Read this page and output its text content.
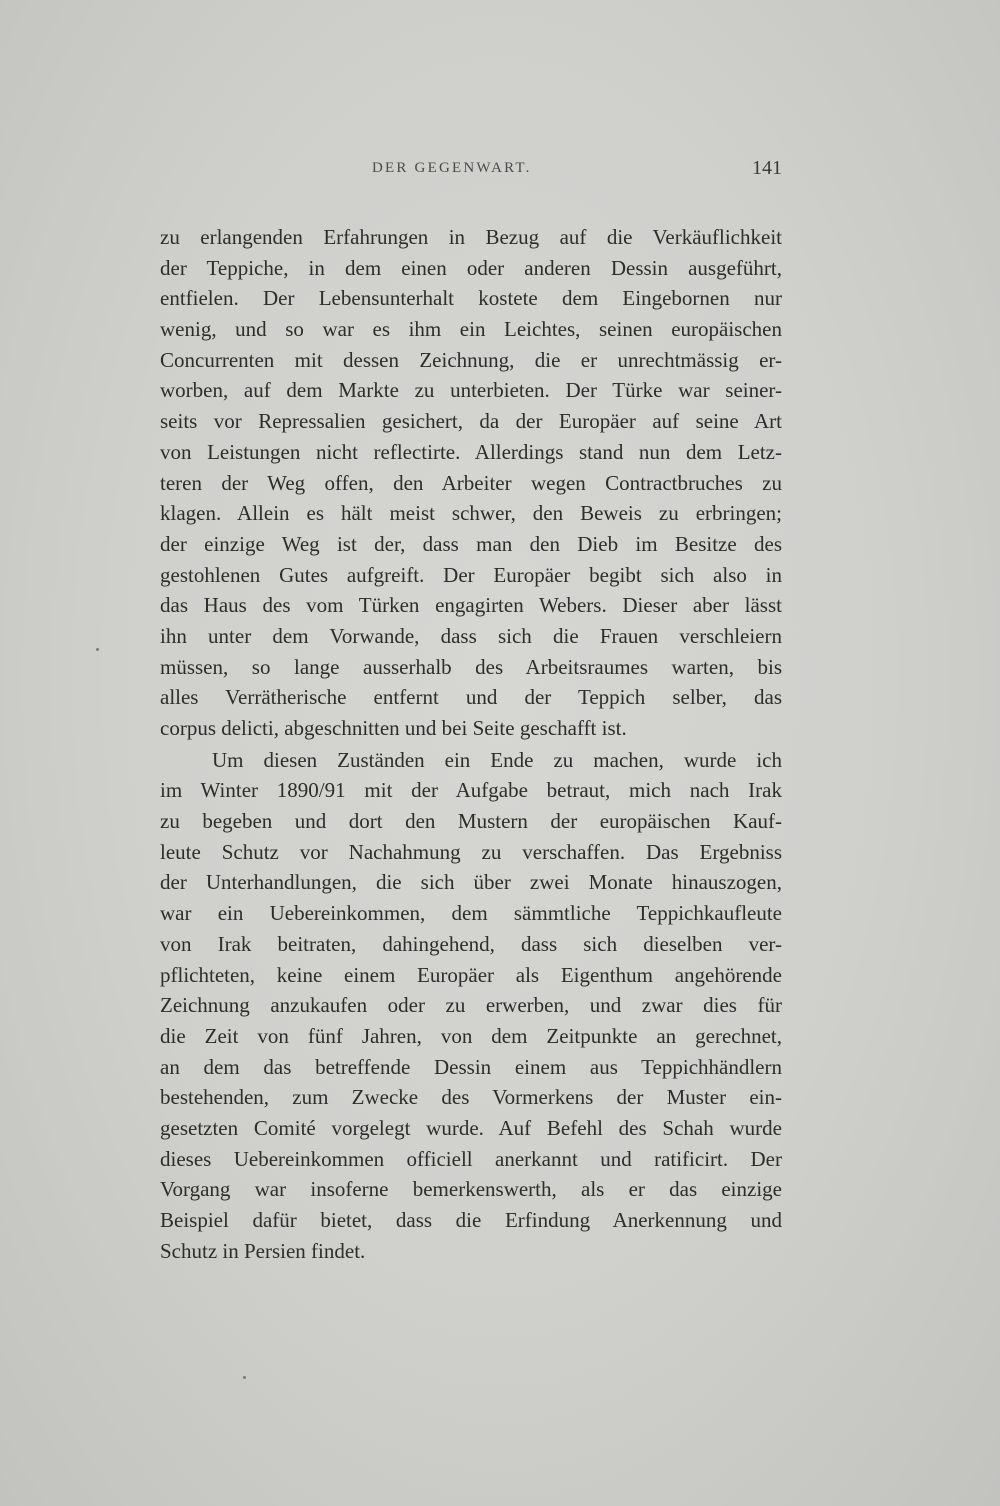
DER GEGENWART.	141
zu erlangenden Erfahrungen in Bezug auf die Verkäuflichkeit
der Teppiche, in dem einen oder anderen Dessin ausgeführt,
entfielen. Der Lebensunterhalt kostete dem Eingebornen nur
wenig, und so war es ihm ein Leichtes, seinen europäischen
Concurrenten mit dessen Zeichnung, die er unrechtmässig er-
worben, auf dem Markte zu unterbieten. Der Türke war seiner-
seits vor Repressalien gesichert, da der Europäer auf seine Art
von Leistungen nicht reflectirte. Allerdings stand nun dem Letz-
teren der Weg offen, den Arbeiter wegen Contractbruches zu
klagen. Allein es hält meist schwer, den Beweis zu erbringen;
der einzige Weg ist der, dass man den Dieb im Besitze des
gestohlenen Gutes aufgreift. Der Europäer begibt sich also in
das Haus des vom Türken engagirten Webers. Dieser aber lässt
ihn unter dem Vorwande, dass sich die Frauen verschleiern
müssen, so lange ausserhalb des Arbeitsraumes warten, bis
alles Verrätherische entfernt und der Teppich selber, das
corpus delicti, abgeschnitten und bei Seite geschafft ist.
Um diesen Zuständen ein Ende zu machen, wurde ich
im Winter 1890/91 mit der Aufgabe betraut, mich nach Irak
zu begeben und dort den Mustern der europäischen Kauf-
leute Schutz vor Nachahmung zu verschaffen. Das Ergebniss
der Unterhandlungen, die sich über zwei Monate hinauszogen,
war ein Uebereinkommen, dem sämmtliche Teppichkaufleute
von Irak beitraten, dahingehend, dass sich dieselben ver-
pflichteten, keine einem Europäer als Eigenthum angehörende
Zeichnung anzukaufen oder zu erwerben, und zwar dies für
die Zeit von fünf Jahren, von dem Zeitpunkte an gerechnet,
an dem das betreffende Dessin einem aus Teppichhändlern
bestehenden, zum Zwecke des Vormerkens der Muster ein-
gesetzten Comité vorgelegt wurde. Auf Befehl des Schah wurde
dieses Uebereinkommen officiell anerkannt und ratificirt. Der
Vorgang war insoferne bemerkenswerth, als er das einzige
Beispiel dafür bietet, dass die Erfindung Anerkennung und
Schutz in Persien findet.
